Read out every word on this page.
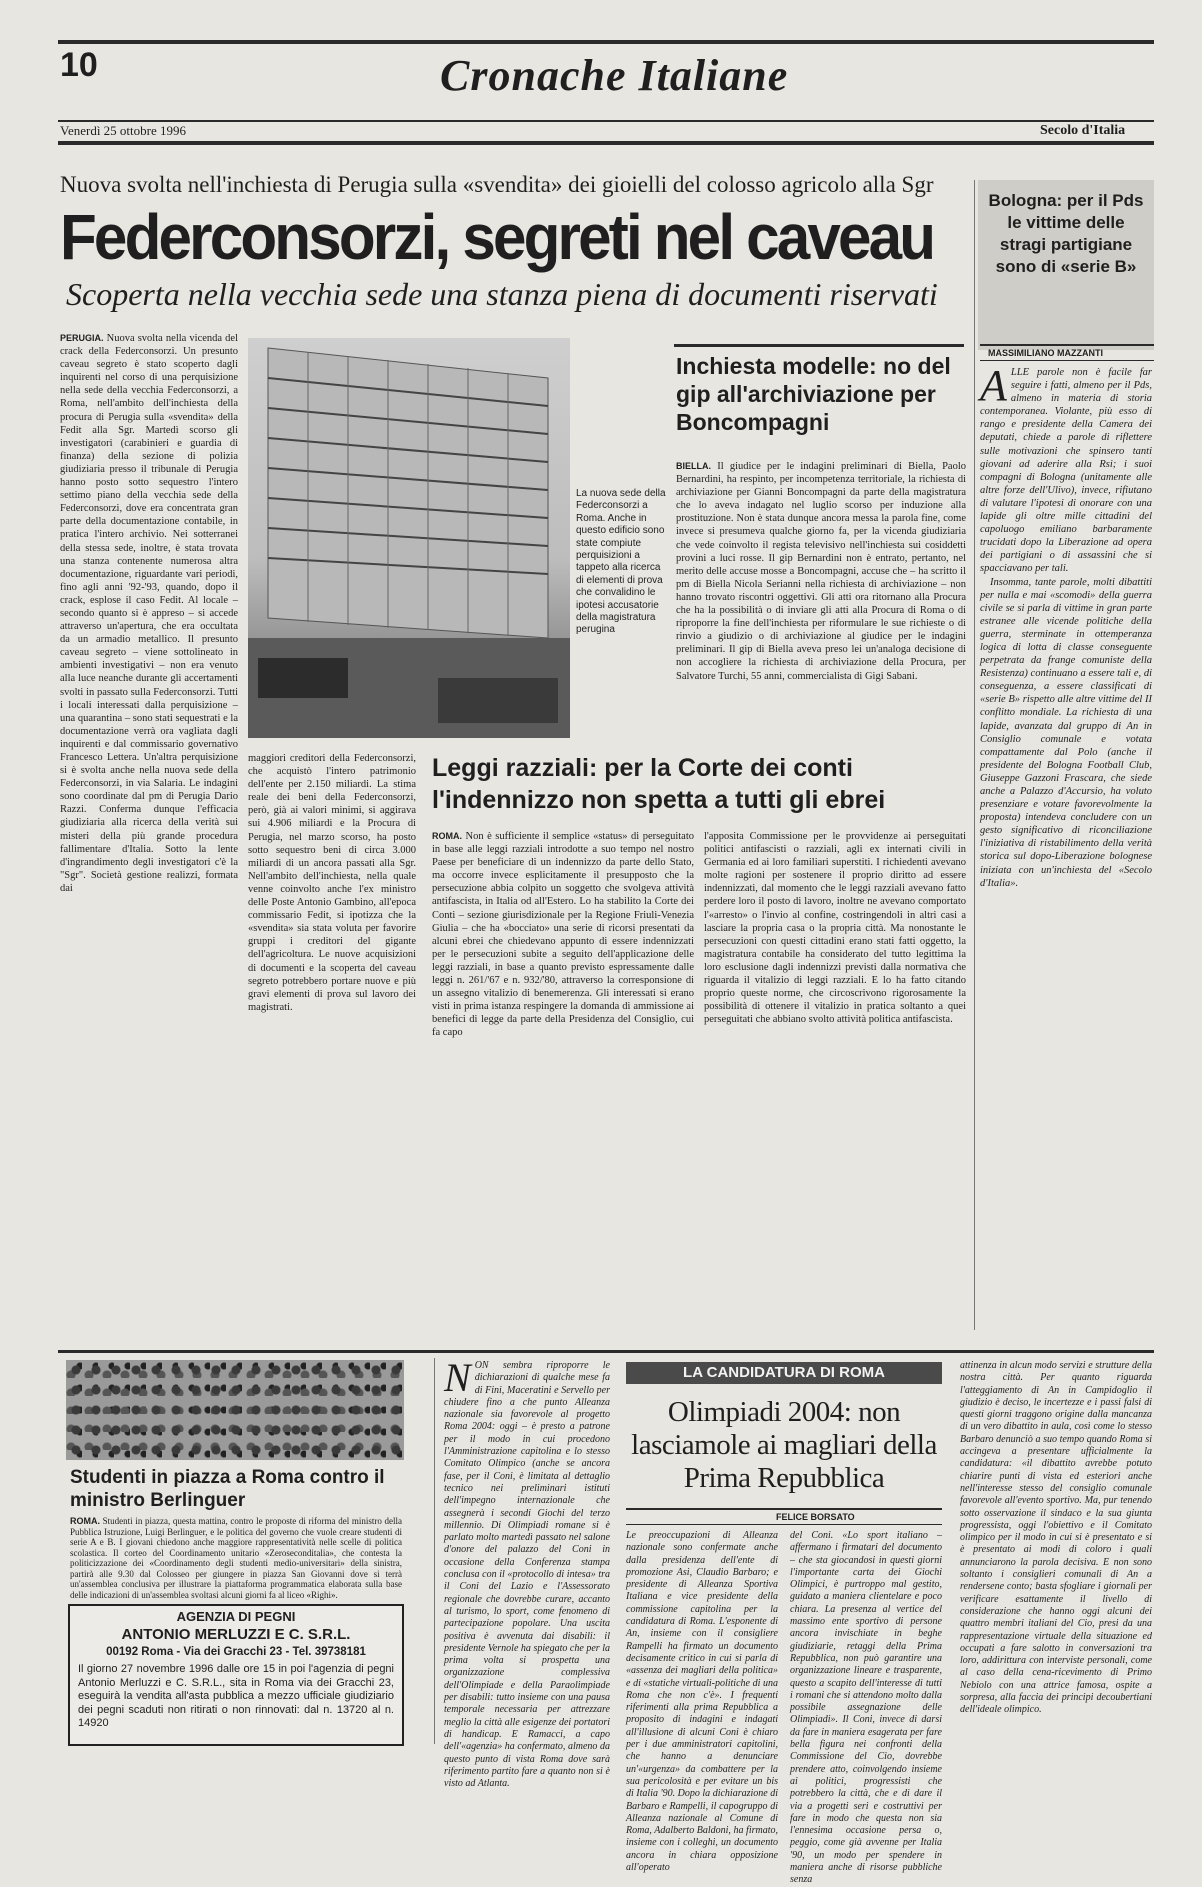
10	Cronache Italiane
Venerdì 25 ottobre 1996	Secolo d'Italia
Nuova svolta nell'inchiesta di Perugia sulla «svendita» dei gioielli del colosso agricolo alla Sgr
Federconsorzi, segreti nel caveau
Scoperta nella vecchia sede una stanza piena di documenti riservati
PERUGIA. Nuova svolta nella vicenda del crack della Federconsorzi. Un presunto caveau segreto è stato scoperto dagli inquirenti nel corso di una perquisizione nella sede della vecchia Federconsorzi, a Roma, nell'ambito dell'inchiesta della procura di Perugia sulla «svendita» della Fedit alla Sgr. Martedì scorso gli investigatori (carabinieri e guardia di finanza) della sezione di polizia giudiziaria presso il tribunale di Perugia hanno posto sotto sequestro l'intero settimo piano della vecchia sede della Federconsorzi, dove era concentrata gran parte della documentazione contabile, in pratica l'intero archivio. Nei sotterranei della stessa sede, inoltre, è stata trovata una stanza contenente numerosa altra documentazione, riguardante vari periodi, fino agli anni '92-'93, quando, dopo il crack, esplose il caso Fedit. Al locale – secondo quanto si è appreso – si accede attraverso un'apertura, che era occultata da un armadio metallico. Il presunto caveau segreto – viene sottolineato in ambienti investigativi – non era venuto alla luce neanche durante gli accertamenti svolti in passato sulla Federconsorzi. Tutti i locali interessati dalla perquisizione – una quarantina – sono stati sequestrati e la documentazione verrà ora vagliata dagli inquirenti e dal commissario governativo Francesco Lettera. Un'altra perquisizione si è svolta anche nella nuova sede della Federconsorzi, in via Salaria. Le indagini sono coordinate dal pm di Perugia Dario Razzi. Conferma dunque l'efficacia giudiziaria alla ricerca della verità sui misteri della più grande procedura fallimentare d'Italia. Sotto la lente d'ingrandimento degli investigatori c'è la "Sgr". Società gestione realizzi, formata dai
La nuova sede della Federconsorzi a Roma. Anche in questo edificio sono state compiute perquisizioni a tappeto alla ricerca di elementi di prova che convalidino le ipotesi accusatorie della magistratura perugina
maggiori creditori della Federconsorzi, che acquistò l'intero patrimonio dell'ente per 2.150 miliardi. La stima reale dei beni della Federconsorzi, però, già ai valori minimi, si aggirava sui 4.906 miliardi e la Procura di Perugia, nel marzo scorso, ha posto sotto sequestro beni di circa 3.000 miliardi di un ancora passati alla Sgr. Nell'ambito dell'inchiesta, nella quale venne coinvolto anche l'ex ministro delle Poste Antonio Gambino, all'epoca commissario Fedit, si ipotizza che la «svendita» sia stata voluta per favorire gruppi i creditori del gigante dell'agricoltura. Le nuove acquisizioni di documenti e la scoperta del caveau segreto potrebbero portare nuove e più gravi elementi di prova sul lavoro dei magistrati.
Inchiesta modelle: no del gip all'archiviazione per Boncompagni
BIELLA. Il giudice per le indagini preliminari di Biella, Paolo Bernardini, ha respinto, per incompetenza territoriale, la richiesta di archiviazione per Gianni Boncompagni da parte della magistratura che lo aveva indagato nel luglio scorso per induzione alla prostituzione. Non è stata dunque ancora messa la parola fine, come invece si presumeva qualche giorno fa, per la vicenda giudiziaria che vede coinvolto il regista televisivo nell'inchiesta sui cosiddetti provini a luci rosse. Il gip Bernardini non è entrato, pertanto, nel merito delle accuse mosse a Boncompagni, accuse che – ha scritto il pm di Biella Nicola Serianni nella richiesta di archiviazione – non hanno trovato riscontri oggettivi. Gli atti ora ritornano alla Procura che ha la possibilità o di inviare gli atti alla Procura di Roma o di riproporre la fine dell'inchiesta per riformulare le sue richieste o di rinvio a giudizio o di archiviazione al giudice per le indagini preliminari. Il gip di Biella aveva preso lei un'analoga decisione di non accogliere la richiesta di archiviazione della Procura, per Salvatore Turchi, 55 anni, commercialista di Gigi Sabani.
Leggi razziali: per la Corte dei conti l'indennizzo non spetta a tutti gli ebrei
ROMA. Non è sufficiente il semplice «status» di perseguitato in base alle leggi razziali introdotte a suo tempo nel nostro Paese per beneficiare di un indennizzo da parte dello Stato, ma occorre invece esplicitamente il presupposto che la persecuzione abbia colpito un soggetto che svolgeva attività antifascista, in Italia od all'Estero. Lo ha stabilito la Corte dei Conti – sezione giurisdizionale per la Regione Friuli-Venezia Giulia – che ha «bocciato» una serie di ricorsi presentati da alcuni ebrei che chiedevano appunto di essere indennizzati per le persecuzioni subite a seguito dell'applicazione delle leggi razziali, in base a quanto previsto espressamente dalle leggi n. 261/'67 e n. 932/'80, attraverso la corresponsione di un assegno vitalizio di benemerenza. Gli interessati si erano visti in prima istanza respingere la domanda di ammissione ai benefici di legge da parte della Presidenza del Consiglio, cui fa capo
l'apposita Commissione per le provvidenze ai perseguitati politici antifascisti o razziali, agli ex internati civili in Germania ed ai loro familiari superstiti. I richiedenti avevano molte ragioni per sostenere il proprio diritto ad essere indennizzati, dal momento che le leggi razziali avevano fatto perdere loro il posto di lavoro, inoltre ne avevano comportato l'«arresto» o l'invio al confine, costringendoli in altri casi a lasciare la propria casa o la propria città. Ma nonostante le persecuzioni con questi cittadini erano stati fatti oggetto, la magistratura contabile ha considerato del tutto legittima la loro esclusione dagli indennizzi previsti dalla normativa che riguarda il vitalizio di leggi razziali. E lo ha fatto citando proprio queste norme, che circoscrivono rigorosamente la possibilità di ottenere il vitalizio in pratica soltanto a quei perseguitati che abbiano svolto attività politica antifascista.
Bologna: per il Pds le vittime delle stragi partigiane sono di «serie B»
MASSIMILIANO MAZZANTI
A LLE parole non è facile far seguire i fatti, almeno per il Pds, almeno in materia di storia contemporanea. Violante, più esso di rango e presidente della Camera dei deputati, chiede a parole di riflettere sulle motivazioni che spinsero tanti giovani ad aderire alla Rsi; i suoi compagni di Bologna (unitamente alle altre forze dell'Ulivo), invece, rifiutano di valutare l'ipotesi di onorare con una lapide gli oltre mille cittadini del capoluogo emiliano barbaramente trucidati dopo la Liberazione ad opera dei partigiani o di assassini che si spacciavano per tali.

Insomma, tante parole, molti dibattiti per nulla e mai «scomodi» della guerra civile se si parla di vittime in gran parte estranee alle vicende politiche della guerra, sterminate in ottemperanza logica di lotta di classe conseguente perpetrata da frange comuniste della Resistenza) continuano a essere tali e, di conseguenza, a essere classificati di «serie B» rispetto alle altre vittime del II conflitto mondiale. La richiesta di una lapide, avanzata dal gruppo di An in Consiglio comunale e votata compattamente dal Polo (anche il presidente del Bologna Football Club, Giuseppe Gazzoni Frascara, che siede anche a Palazzo d'Accursio, ha voluto presenziare e votare favorevolmente la proposta) intendeva concludere con un gesto significativo di riconciliazione l'iniziativa di ristabilimento della verità storica sul dopo-Liberazione bolognese iniziata con un'inchiesta del «Secolo d'Italia».

Studenti in piazza a Roma contro il ministro Berlinguer
ROMA. Studenti in piazza, questa mattina, contro le proposte di riforma del ministro della Pubblica Istruzione, Luigi Berlinguer, e le politica del governo che vuole creare studenti di serie A e B. I giovani chiedono anche maggiore rappresentatività nelle scelle di politica scolastica. Il corteo del Coordinamento unitario «Zeroseconditalia», che contesta la politicizzazione dei «Coordinamento degli studenti medio-universitari» della sinistra, partirà alle 9.30 dal Colosseo per giungere in piazza San Giovanni dove si terrà un'assemblea conclusiva per illustrare la piattaforma programmatica elaborata sulla base delle indicazioni di un'assemblea svoltasi alcuni giorni fa al liceo «Righi».
N ON sembra riproporre le dichiarazioni di qualche mese fa di Fini, Maceratini e Servello per chiudere fino a che punto Alleanza nazionale sia favorevole al progetto Roma 2004: oggi – è presto a patrone per il modo in cui procedono l'Amministrazione capitolina e lo stesso Comitato Olimpico (anche se ancora fase, per il Coni, è limitata al dettaglio tecnico nei preliminari istituti dell'impegno internazionale che assegnerà i secondi Giochi del terzo millennio. Di Olimpiadi romane si è parlato molto martedì passato nel salone d'onore del palazzo del Coni in occasione della Conferenza stampa conclusa con il «protocollo di intesa» tra il Coni del Lazio e l'Assessorato regionale che dovrebbe curare, accanto al turismo, lo sport, come fenomeno di partecipazione popolare. Una uscita positiva è avvenuta dai disabili: il presidente Vernole ha spiegato che per la prima volta si prospetta una organizzazione complessiva dell'Olimpiade e della Paraolimpiade per disabili: tutto insieme con una pausa temporale necessaria per attrezzare meglio la città alle esigenze dei portatori di handicap. E Ramacci, a capo dell'«agenzia» ha confermato, almeno da questo punto di vista Roma dove sarà riferimento partito fare a quanto non si è visto ad Atlanta.
LA CANDIDATURA DI ROMA
Olimpiadi 2004: non lasciamole ai magliari della Prima Repubblica
FELICE BORSATO
Le preoccupazioni di Alleanza nazionale sono confermate anche dalla presidenza dell'ente di promozione Asi, Claudio Barbaro; e presidente di Alleanza Sportiva Italiana e vice presidente della commissione capitolina per la candidatura di Roma. L'esponente di An, insieme con il consigliere Rampelli ha firmato un documento decisamente critico in cui si parla di «assenza dei magliari della politica» e di «statiche virtuali-politiche di una Roma che non c'è». I frequenti riferimenti alla prima Repubblica a proposito di indagini e indagati all'illusione di alcuni Coni è chiaro per i due amministratori capitolini, che hanno a denunciare un'«urgenza» da combattere per la sua pericolosità e per evitare un bis di Italia '90. Dopo la dichiarazione di Barbaro e Rampelli, il capogruppo di Alleanza nazionale al Comune di Roma, Adalberto Baldoni, ha firmato, insieme con i colleghi, un documento ancora in chiara opposizione all'operato
del Coni. «Lo sport italiano – affermano i firmatari del documento – che sta giocandosi in questi giorni l'importante carta dei Giochi Olimpici, è purtroppo mal gestito, guidato a maniera clientelare e poco chiara. La presenza al vertice del massimo ente sportivo di persone ancora invischiate in beghe giudiziarie, retaggi della Prima Repubblica, non può garantire una organizzazione lineare e trasparente, questo a scapito dell'interesse di tutti i romani che si attendono molto dalla possibile assegnazione delle Olimpiadi». Il Coni, invece di darsi da fare in maniera esagerata per fare bella figura nei confronti della Commissione del Cio, dovrebbe prendere atto, coinvolgendo insieme ai politici, progressisti che potrebbero la città, che e di dare il via a progetti seri e costruttivi per fare in modo che questa non sia l'ennesima occasione persa o, peggio, come già avvenne per Italia '90, un modo per spendere in maniera anche di risorse pubbliche senza
attinenza in alcun modo servizi e strutture della nostra città. Per quanto riguarda l'atteggiamento di An in Campidoglio il giudizio è deciso, le incertezze e i passi falsi di questi giorni traggono origine dalla mancanza di un vero dibattito in aula, così come lo stesso Barbaro denunciò a suo tempo quando Roma si accingeva a presentare ufficialmente la candidatura: «il dibattito avrebbe potuto chiarire punti di vista ed esteriori anche nell'interesse stesso del consiglio comunale favorevole all'evento sportivo. Ma, pur tenendo sotto osservazione il sindaco e la sua giunta progressista, oggi l'obiettivo e il Comitato olimpico per il modo in cui si è presentato e si è presentato ai modi di coloro i quali annunciarono la parola decisiva. E non sono soltanto i consiglieri comunali di An a rendersene conto; basta sfogliare i giornali per verificare esattamente il livello di considerazione che hanno oggi alcuni dei quattro membri italiani del Cio, presi da una rappresentazione virtuale della situazione ed occupati a fare salotto in conversazioni tra loro, addirittura con interviste personali, come al caso della cena-ricevimento di Primo Nebiolo con una attrice famosa, ospite a sorpresa, alla faccia dei principi decoubertiani dell'ideale olimpico.
AGENZIA DI PEGNI
ANTONIO MERLUZZI E C. S.R.L.
00192 Roma - Via dei Gracchi 23 - Tel. 39738181
Il giorno 27 novembre 1996 dalle ore 15 in poi l'agenzia di pegni Antonio Merluzzi e C. S.R.L., sita in Roma via dei Gracchi 23, eseguirà la vendita all'asta pubblica a mezzo ufficiale giudiziario dei pegni scaduti non ritirati o non rinnovati: dal n. 13720 al n. 14920
